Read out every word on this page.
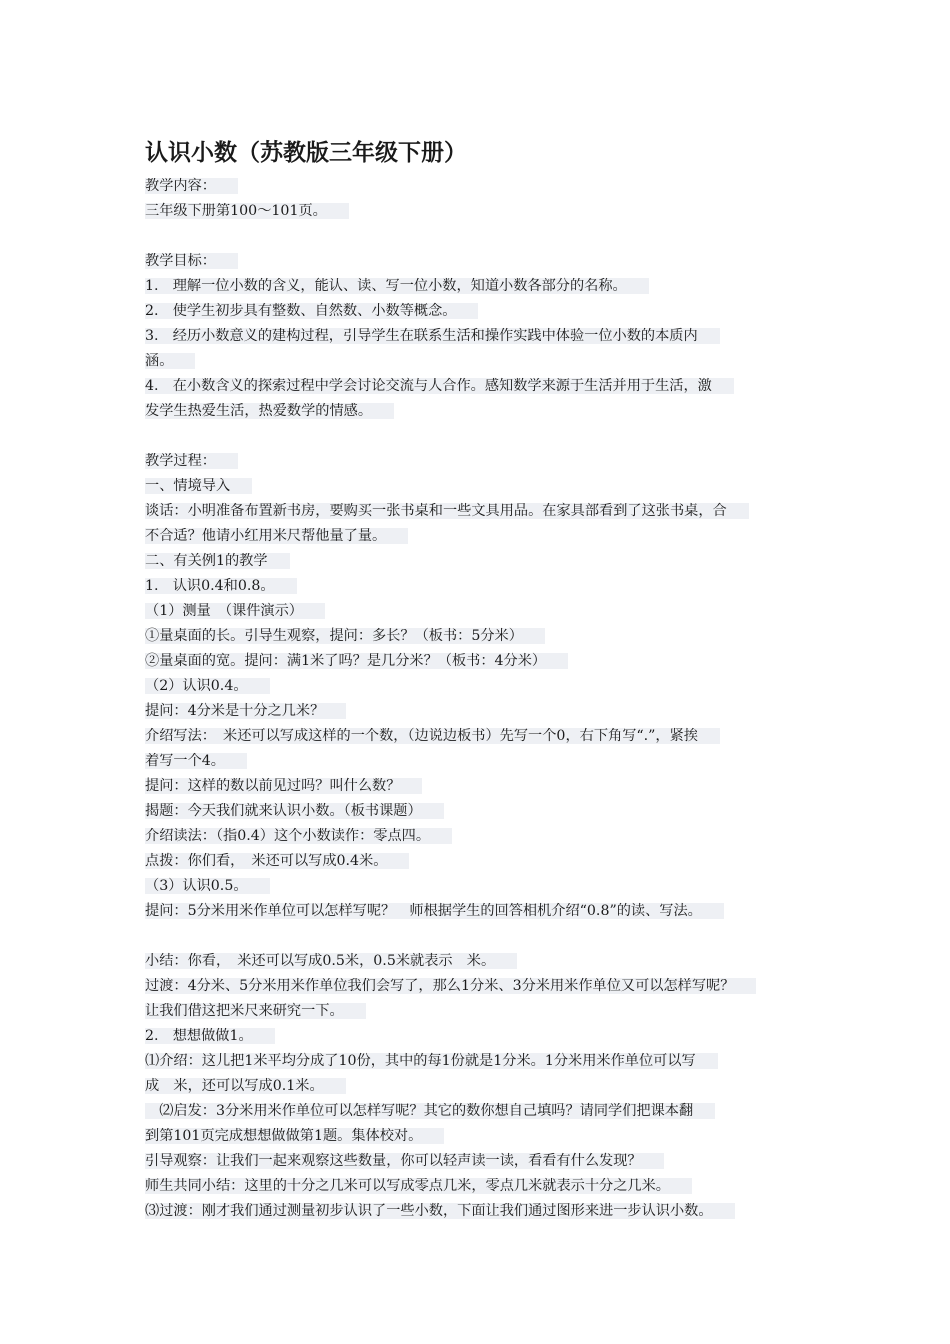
认识小数（苏教版三年级下册）
教学内容：
三年级下册第100～101页。
教学目标：
1.　理解一位小数的含义，能认、读、写一位小数，知道小数各部分的名称。
2.　使学生初步具有整数、自然数、小数等概念。
3.　经历小数意义的建构过程，引导学生在联系生活和操作实践中体验一位小数的本质内
涵。
4.　在小数含义的探索过程中学会讨论交流与人合作。感知数学来源于生活并用于生活，激
发学生热爱生活，热爱数学的情感。
教学过程：
一、情境导入
谈话：小明准备布置新书房，要购买一张书桌和一些文具用品。在家具部看到了这张书桌，合
不合适？他请小红用米尺帮他量了量。
二、有关例1的教学
1.　认识0.4和0.8。
（1）测量　（课件演示）
①量桌面的长。引导生观察，提问：多长？（板书：5分米）
②量桌面的宽。提问：满1米了吗？是几分米？（板书：4分米）
（2）认识0.4。
提问：4分米是十分之几米？
介绍写法：　米还可以写成这样的一个数，（边说边板书）先写一个0，右下角写“.”，紧挨
着写一个4。
提问：这样的数以前见过吗？叫什么数？
揭题：今天我们就来认识小数。（板书课题）
介绍读法：（指0.4）这个小数读作：零点四。
点拨：你们看，　米还可以写成0.4米。
（3）认识0.5。
提问：5分米用米作单位可以怎样写呢？　师根据学生的回答相机介绍“0.8”的读、写法。
小结：你看，　米还可以写成0.5米，0.5米就表示　米。
过渡：4分米、5分米用米作单位我们会写了，那么1分米、3分米用米作单位又可以怎样写呢？
让我们借这把米尺来研究一下。
2.　想想做做1。
⑴介绍：这儿把1米平均分成了10份，其中的每1份就是1分米。1分米用米作单位可以写
成　米，还可以写成0.1米。
　⑵启发：3分米用米作单位可以怎样写呢？其它的数你想自己填吗？请同学们把课本翻
到第101页完成想想做做第1题。集体校对。
引导观察：让我们一起来观察这些数量，你可以轻声读一读，看看有什么发现？
师生共同小结：这里的十分之几米可以写成零点几米，零点几米就表示十分之几米。
⑶过渡：刚才我们通过测量初步认识了一些小数，下面让我们通过图形来进一步认识小数。
